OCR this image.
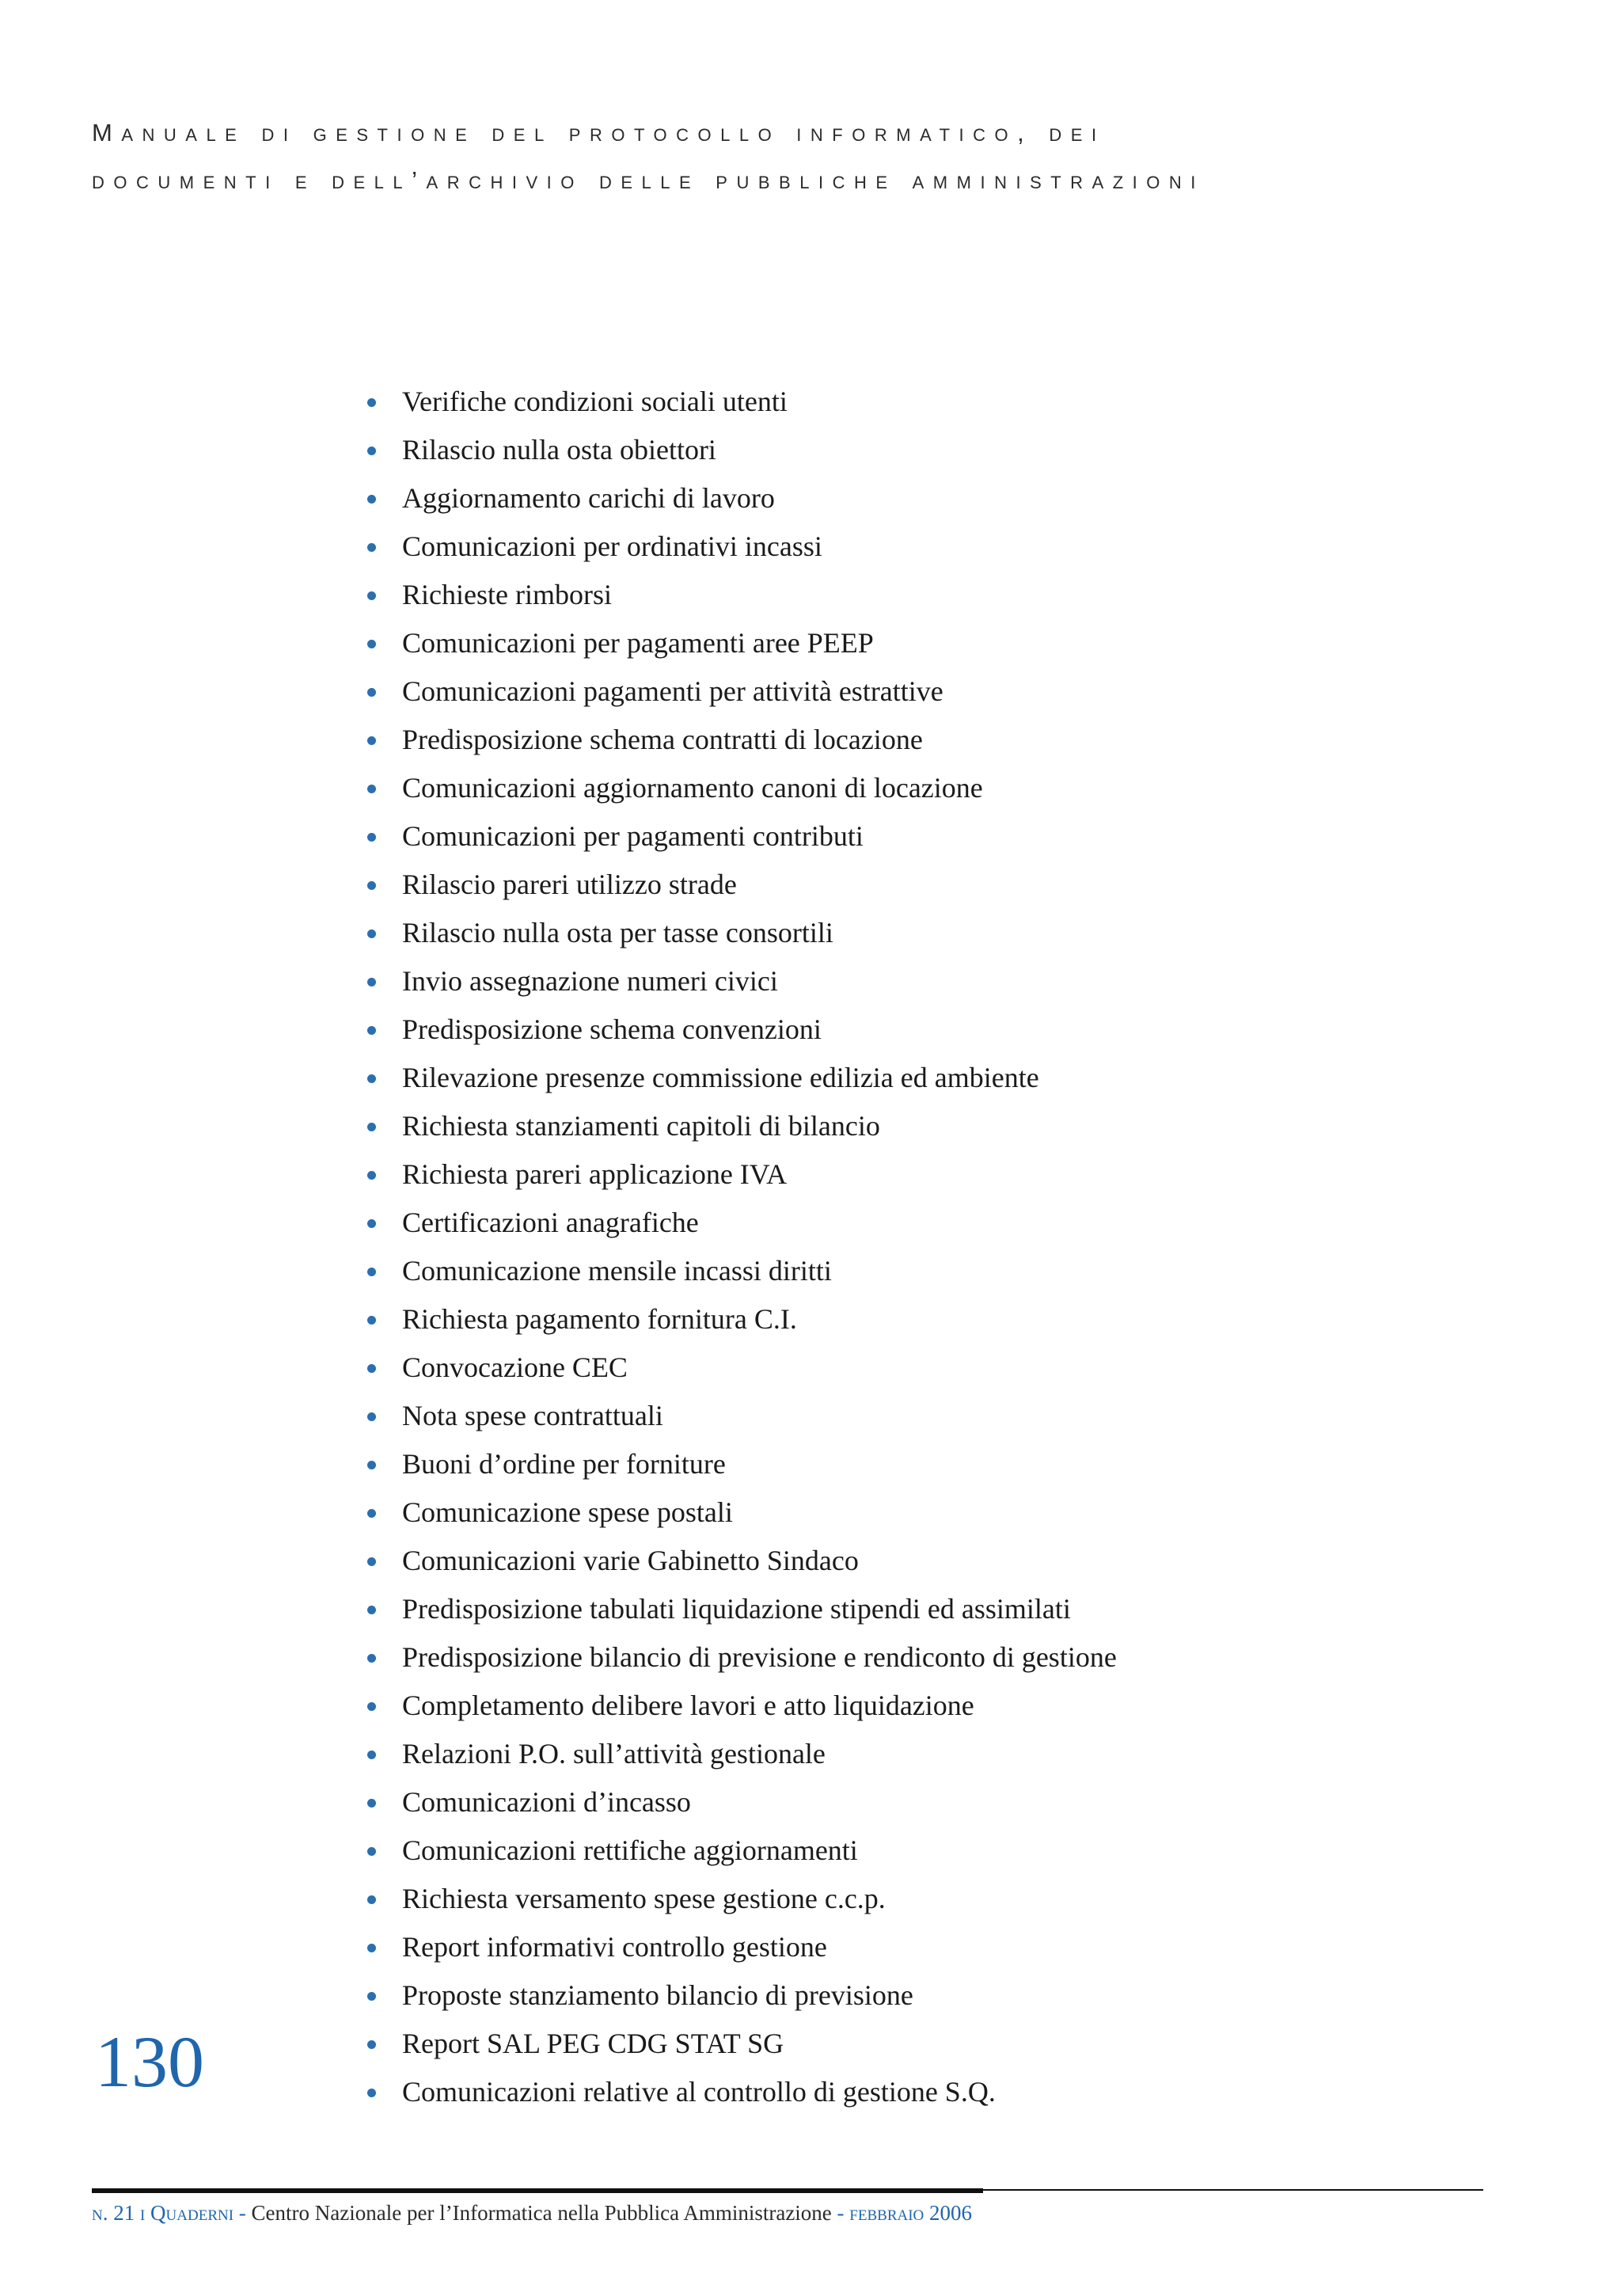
Manuale di gestione del protocollo informatico, dei
documenti e dell’archivio delle pubbliche amministrazioni
Verifiche condizioni sociali utenti
Rilascio nulla osta obiettori
Aggiornamento carichi di lavoro
Comunicazioni per ordinativi incassi
Richieste rimborsi
Comunicazioni per pagamenti aree PEEP
Comunicazioni pagamenti per attività estrattive
Predisposizione schema contratti di locazione
Comunicazioni aggiornamento canoni di locazione
Comunicazioni per pagamenti contributi
Rilascio pareri utilizzo strade
Rilascio nulla osta per tasse consortili
Invio assegnazione numeri civici
Predisposizione schema convenzioni
Rilevazione presenze commissione edilizia ed ambiente
Richiesta stanziamenti capitoli di bilancio
Richiesta pareri applicazione IVA
Certificazioni anagrafiche
Comunicazione mensile incassi diritti
Richiesta pagamento fornitura C.I.
Convocazione CEC
Nota spese contrattuali
Buoni d’ordine per forniture
Comunicazione spese postali
Comunicazioni varie Gabinetto Sindaco
Predisposizione tabulati liquidazione stipendi ed assimilati
Predisposizione bilancio di previsione e rendiconto di gestione
Completamento delibere lavori e atto liquidazione
Relazioni P.O. sull’attività gestionale
Comunicazioni d’incasso
Comunicazioni rettifiche aggiornamenti
Richiesta versamento spese gestione c.c.p.
Report informativi controllo gestione
Proposte stanziamento bilancio di previsione
Report SAL PEG CDG STAT SG
Comunicazioni relative al controllo di gestione S.Q.
130
n. 21 i Quaderni - Centro Nazionale per l’Informatica nella Pubblica Amministrazione - febbraio 2006
